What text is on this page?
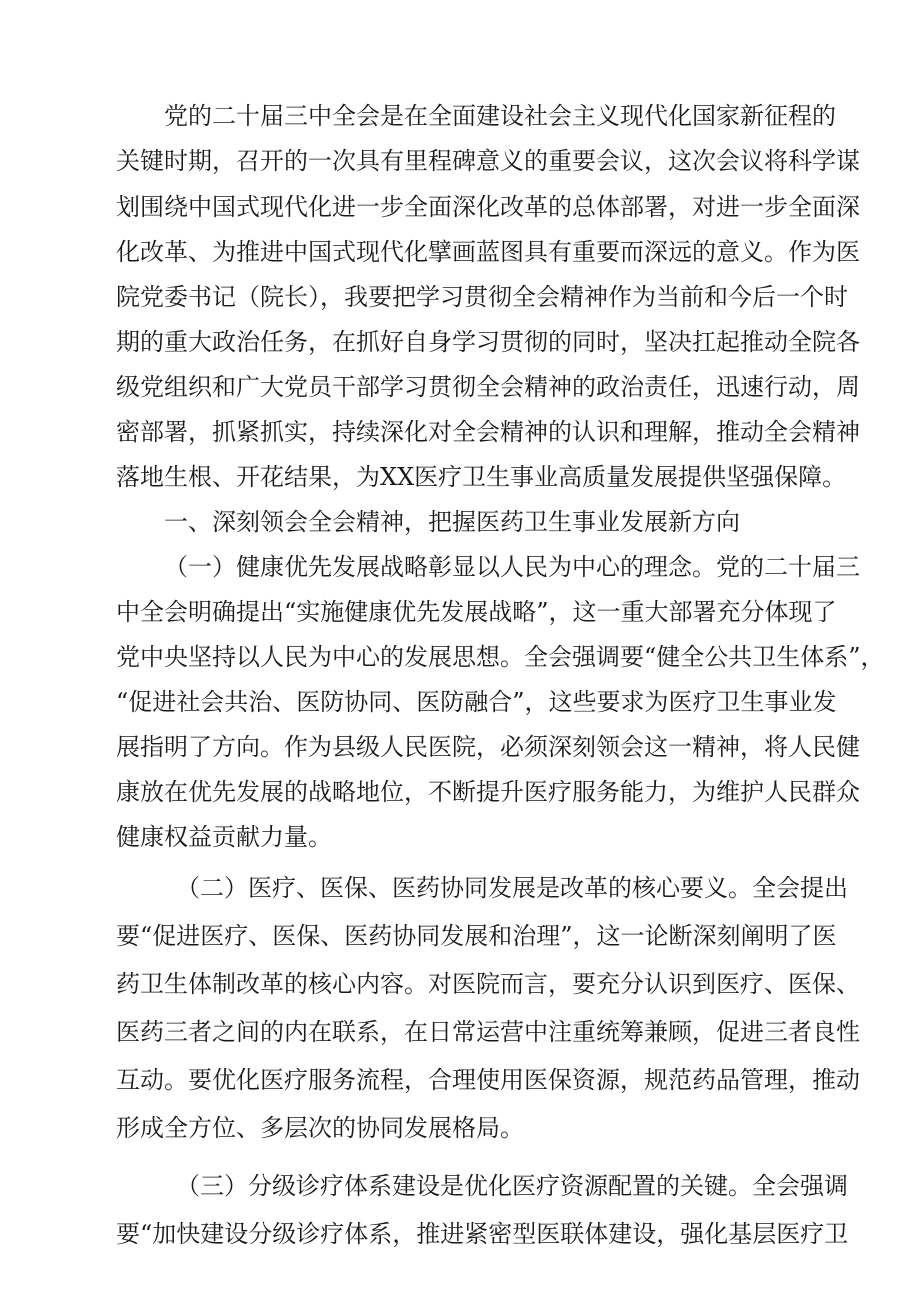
党的二十届三中全会是在全面建设社会主义现代化国家新征程的
关键时期，召开的一次具有里程碑意义的重要会议，这次会议将科学谋
划围绕中国式现代化进一步全面深化改革的总体部署，对进一步全面深
化改革、为推进中国式现代化擘画蓝图具有重要而深远的意义。作为医
院党委书记（院长），我要把学习贯彻全会精神作为当前和今后一个时
期的重大政治任务，在抓好自身学习贯彻的同时，坚决扛起推动全院各
级党组织和广大党员干部学习贯彻全会精神的政治责任，迅速行动，周
密部署，抓紧抓实，持续深化对全会精神的认识和理解，推动全会精神
落地生根、开花结果，为XX医疗卫生事业高质量发展提供坚强保障。
一、深刻领会全会精神，把握医药卫生事业发展新方向
（一）健康优先发展战略彰显以人民为中心的理念。党的二十届三
中全会明确提出“实施健康优先发展战略”，这一重大部署充分体现了
党中央坚持以人民为中心的发展思想。全会强调要“健全公共卫生体系”，
“促进社会共治、医防协同、医防融合”，这些要求为医疗卫生事业发
展指明了方向。作为县级人民医院，必须深刻领会这一精神，将人民健
康放在优先发展的战略地位，不断提升医疗服务能力，为维护人民群众
健康权益贡献力量。
（二）医疗、医保、医药协同发展是改革的核心要义。全会提出
要“促进医疗、医保、医药协同发展和治理”，这一论断深刻阐明了医
药卫生体制改革的核心内容。对医院而言，要充分认识到医疗、医保、
医药三者之间的内在联系，在日常运营中注重统筹兼顾，促进三者良性
互动。要优化医疗服务流程，合理使用医保资源，规范药品管理，推动
形成全方位、多层次的协同发展格局。
（三）分级诊疗体系建设是优化医疗资源配置的关键。全会强调
要“加快建设分级诊疗体系，推进紧密型医联体建设，强化基层医疗卫
